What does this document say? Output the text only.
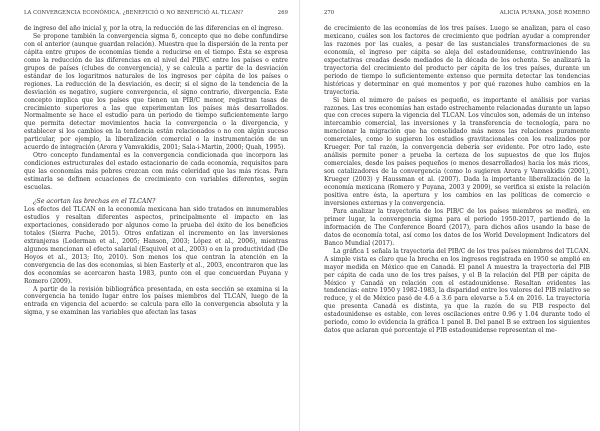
LA CONVERGENCIA ECONÓMICA. ¿BENEFICIÓ O NO BENEFICIÓ AL TLCAN?	269

de ingreso del año inicial y, por la otra, la reducción de las diferencias en el ingreso.

Se propone también la convergencia sigma δ, concepto que no debe confundirse con el anterior (aunque guardan relación). Muestra que la dispersión de la renta per cápita entre grupos de economías tiende a reducirse en el tiempo. Ésta se expresa como la reducción de las diferencias en el nivel del PIB/C entre los países o entre grupos de países (clubes de convergencia), y se calcula a partir de la desviación estándar de los logaritmos naturales de los ingresos per cápita de los países o regiones. La reducción de la desviación, es decir, si el signo de la tendencia de la desviación es negativo, sugiere convergencia, el signo contrario, divergencia. Este concepto implica que los países que tienen un PIB/C menor, registran tasas de crecimiento superiores a las que experimentan los países más desarrollados. Normalmente se hace el estudio para un periodo de tiempo suficientemente largo que permita detectar movimientos hacia la convergencia o la divergencia, y establecer si los cambios en la tendencia están relacionados o no con algún suceso particular, por ejemplo, la liberalización comercial o la instrumentación de un acuerdo de integración (Arora y Vamvakidis, 2001; Sala-i-Martin, 2000; Quah, 1995).

Otro concepto fundamental es la convergencia condicionada que incorpora las condiciones estructurales del estado estacionario de cada economía, requisitos para que las economías más pobres crezcan con más celeridad que las más ricas. Para estimarla se definen ecuaciones de crecimiento con variables diferentes, según escuelas.

¿Se acortan las brechas en el TLCAN?

Los efectos del TLCAN en la economía mexicana han sido tratados en innumerables estudios y resaltan diferentes aspectos, principalmente el impacto en las exportaciones, considerado por algunos como la prueba del éxito de los beneficios totales (Sierra Puche, 2015). Otros enfatizan el incremento en las inversiones extranjeras (Lederman et al., 2005; Hanson, 2003; López et al., 2006), mientras algunos mencionan el efecto salarial (Esquivel et al., 2003) o en la productividad (De Hoyos et al., 2013; Ito, 2010). Son menos los que centran la atención en la convergencia de las dos economías, si bien Easterly et al., 2003, encontraron que las dos economías se acercaron hasta 1983, punto con el que concuerdan Puyana y Romero (2009).

A partir de la revisión bibliográfica presentada, en esta sección se examina si la convergencia ha tenido lugar entre los países miembros del TLCAN, luego de la entrada en vigencia del acuerdo: se calcula para ello la convergencia absoluta y la sigma, y se examinan las variables que afectan las tasas

270	ALICIA PUYANA, JOSÉ ROMERO

de crecimiento de las economías de los tres países. Luego se analizan, para el caso mexicano, cuáles son los factores de crecimiento que podrían ayudar a comprender las razones por las cuales, a pesar de las sustanciales transformaciones de su economía, el ingreso per cápita se aleja del estadounidense, contraviniendo las expectativas creadas desde mediados de la década de los ochenta. Se analizará la trayectoria del crecimiento del producto per cápita de los tres países, durante un periodo de tiempo lo suficientemente extenso que permita detectar las tendencias históricas y determinar en qué momentos y por qué razones hubo cambios en la trayectoria.

Si bien el número de países es pequeño, es importante el análisis por varias razones. Las tres economías han estado estrechamente relacionadas durante un lapso que con creces supera la vigencia del TLCAN. Los vínculos son, además de un intenso intercambio comercial, las inversiones y la transferencia de tecnología, para no mencionar la migración que ha consolidado más nexos las relaciones puramente comerciales, como lo sugieren los estudios gravitacionales con los realizados por Krueger. Por tal razón, la convergencia debería ser evidente. Por otro lado, este análisis permite poner a prueba la certeza de los supuestos de que los flujos comerciales, desde los países pequeños (o menos desarrollados) hacia los más ricos, son catalizadores de la convergencia (como lo sugieren Arora y Vamvakidis (2001), Krueger (2003) y Haussman et al. (2007). Dada la importante liberalización de la economía mexicana (Romero y Puyana, 2003 y 2009), se verifica si existe la relación positiva entre ésta, la apertura y los cambios en las políticas de comercio e inversiones externas y la convergencia.

Para analizar la trayectoria de los PIB/C de los países miembros se medirá, en primer lugar, la convergencia sigma para el periodo 1950-2017, partiendo de la información de The Conference Board (2017), para dichos años usando la base de datos de economía total, así como los datos de los World Development Indicators del Banco Mundial (2017).

La gráfica 1 señala la trayectoria del PIB/C de los tres países miembros del TLCAN. A simple vista es claro que la brecha en los ingresos registrada en 1950 se amplió en mayor medida en México que en Canadá. El panel A muestra la trayectoria del PIB per cápita de cada uno de los tres países, y el B la relación del PIB per cápita de México y Canadá en relación con el estadounidense. Resaltan evidentes las tendencias: entre 1950 y 1982-1983, la disparidad entre los valores del PIB relativo se reduce, y el de México pasó de 4.6 a 3.6 para elevarse a 5.4 en 2016. La trayectoria que presenta Canadá es distinta, ya que la razón de su PIB respecto del estadounidense es estable, con leves oscilaciones entre 0.96 y 1.04 durante todo el periodo, como lo evidencia la gráfica 1 panel B. Del panel B se extraen los siguientes datos que aclaran qué porcentaje el PIB estadounidense representan el me-
